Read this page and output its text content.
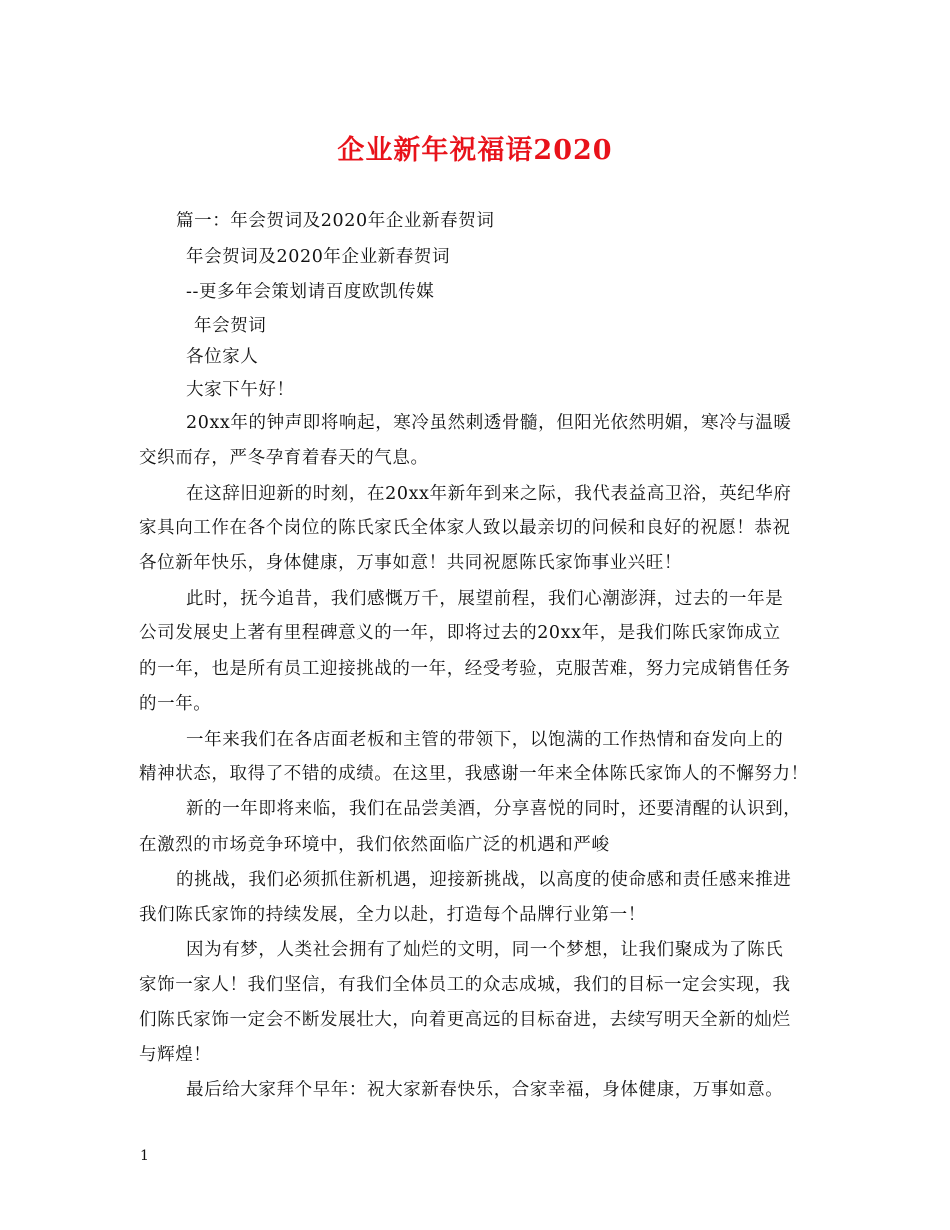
企业新年祝福语2020
篇一：年会贺词及2020年企业新春贺词
年会贺词及2020年企业新春贺词
--更多年会策划请百度欧凯传媒
年会贺词
各位家人
大家下午好！
20xx年的钟声即将响起，寒冷虽然刺透骨髓，但阳光依然明媚，寒冷与温暖
交织而存，严冬孕育着春天的气息。
在这辞旧迎新的时刻，在20xx年新年到来之际，我代表益高卫浴，英纪华府
家具向工作在各个岗位的陈氏家氏全体家人致以最亲切的问候和良好的祝愿！恭祝
各位新年快乐，身体健康，万事如意！共同祝愿陈氏家饰事业兴旺！
此时，抚今追昔，我们感慨万千，展望前程，我们心潮澎湃，过去的一年是
公司发展史上著有里程碑意义的一年，即将过去的20xx年，是我们陈氏家饰成立
的一年，也是所有员工迎接挑战的一年，经受考验，克服苦难，努力完成销售任务
的一年。
一年来我们在各店面老板和主管的带领下，以饱满的工作热情和奋发向上的
精神状态，取得了不错的成绩。在这里，我感谢一年来全体陈氏家饰人的不懈努力！
新的一年即将来临，我们在品尝美酒，分享喜悦的同时，还要清醒的认识到，
在激烈的市场竞争环境中，我们依然面临广泛的机遇和严峻
的挑战，我们必须抓住新机遇，迎接新挑战，以高度的使命感和责任感来推进
我们陈氏家饰的持续发展，全力以赴，打造每个品牌行业第一！
因为有梦，人类社会拥有了灿烂的文明，同一个梦想，让我们聚成为了陈氏
家饰一家人！我们坚信，有我们全体员工的众志成城，我们的目标一定会实现，我
们陈氏家饰一定会不断发展壮大，向着更高远的目标奋进，去续写明天全新的灿烂
与辉煌！
最后给大家拜个早年：祝大家新春快乐，合家幸福，身体健康，万事如意。
1
